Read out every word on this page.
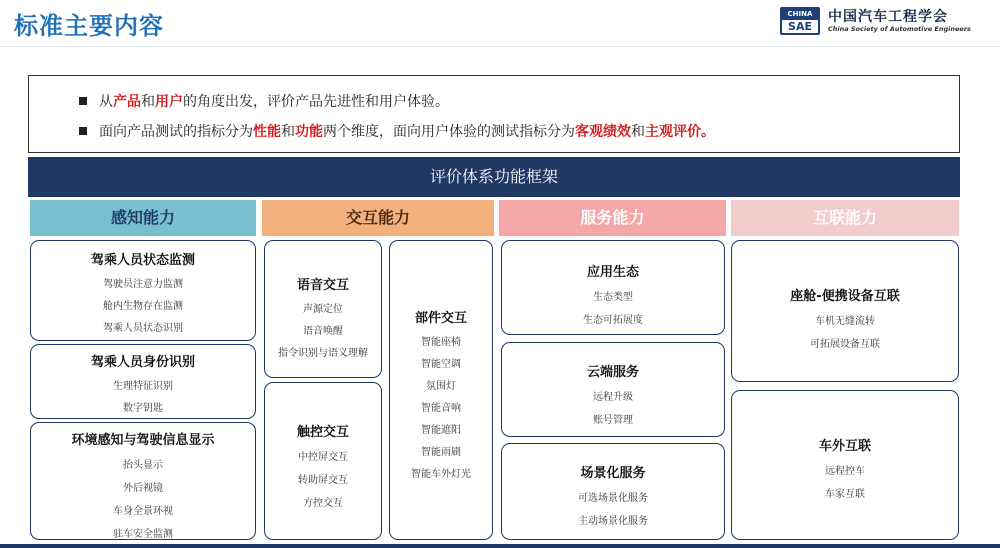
标准主要内容	CHINA
SAE
中国汽车工程学会
China Society of Automotive Engineers
从产品和用户的角度出发，评价产品先进性和用户体验。
面向产品测试的指标分为性能和功能两个维度，面向用户体验的测试指标分为客观绩效和主观评价。
评价体系功能框架
感知能力	交互能力	服务能力	互联能力
驾乘人员状态监测
驾驶员注意力监测
舱内生物存在监测
驾乘人员状态识别
驾乘人员身份识别
生理特征识别
数字钥匙
环境感知与驾驶信息显示
抬头显示
外后视镜
车身全景环视
驻车安全监测
语音交互
声源定位
语音唤醒
指令识别与语义理解
触控交互
中控屏交互
转助屏交互
方控交互
部件交互
智能座椅
智能空调
氛围灯
智能音响
智能遮阳
智能雨刷
智能车外灯光
应用生态
生态类型
生态可拓展度
云端服务
远程升级
账号管理
场景化服务
可选场景化服务
主动场景化服务
座舱-便携设备互联
车机无缝流转
可拓展设备互联
车外互联
远程控车
车家互联
